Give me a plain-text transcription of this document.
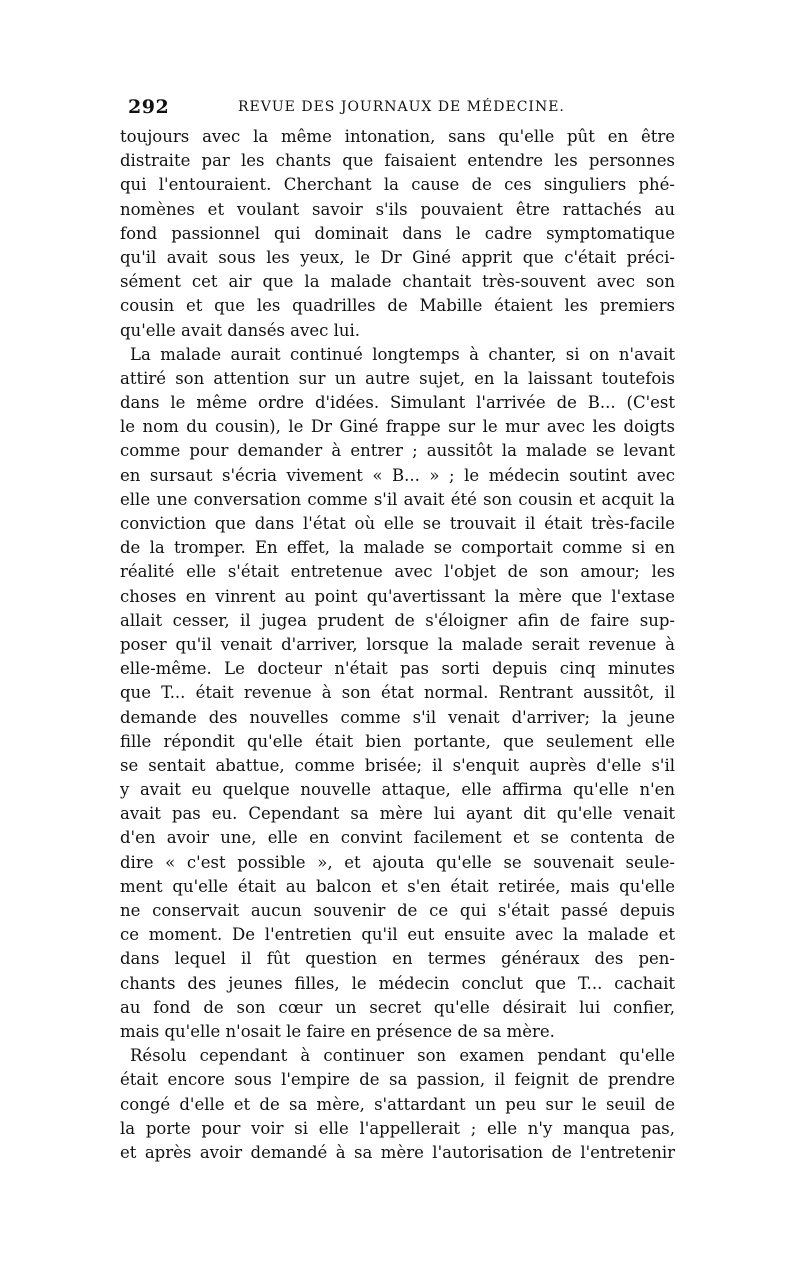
292	REVUE DES JOURNAUX DE MÉDECINE.
toujours avec la même intonation, sans qu'elle pût en être
distraite par les chants que faisaient entendre les personnes
qui l'entouraient. Cherchant la cause de ces singuliers phé-
nomènes et voulant savoir s'ils pouvaient être rattachés au
fond passionnel qui dominait dans le cadre symptomatique
qu'il avait sous les yeux, le Dr Giné apprit que c'était préci-
sément cet air que la malade chantait très-souvent avec son
cousin et que les quadrilles de Mabille étaient les premiers
qu'elle avait dansés avec lui.
La malade aurait continué longtemps à chanter, si on n'avait
attiré son attention sur un autre sujet, en la laissant toutefois
dans le même ordre d'idées. Simulant l'arrivée de B... (C'est
le nom du cousin), le Dr Giné frappe sur le mur avec les doigts
comme pour demander à entrer ; aussitôt la malade se levant
en sursaut s'écria vivement « B... » ; le médecin soutint avec
elle une conversation comme s'il avait été son cousin et acquit la
conviction que dans l'état où elle se trouvait il était très-facile
de la tromper. En effet, la malade se comportait comme si en
réalité elle s'était entretenue avec l'objet de son amour; les
choses en vinrent au point qu'avertissant la mère que l'extase
allait cesser, il jugea prudent de s'éloigner afin de faire sup-
poser qu'il venait d'arriver, lorsque la malade serait revenue à
elle-même. Le docteur n'était pas sorti depuis cinq minutes
que T... était revenue à son état normal. Rentrant aussitôt, il
demande des nouvelles comme s'il venait d'arriver; la jeune
fille répondit qu'elle était bien portante, que seulement elle
se sentait abattue, comme brisée; il s'enquit auprès d'elle s'il
y avait eu quelque nouvelle attaque, elle affirma qu'elle n'en
avait pas eu. Cependant sa mère lui ayant dit qu'elle venait
d'en avoir une, elle en convint facilement et se contenta de
dire « c'est possible », et ajouta qu'elle se souvenait seule-
ment qu'elle était au balcon et s'en était retirée, mais qu'elle
ne conservait aucun souvenir de ce qui s'était passé depuis
ce moment. De l'entretien qu'il eut ensuite avec la malade et
dans lequel il fût question en termes généraux des pen-
chants des jeunes filles, le médecin conclut que T... cachait
au fond de son cœur un secret qu'elle désirait lui confier,
mais qu'elle n'osait le faire en présence de sa mère.
Résolu cependant à continuer son examen pendant qu'elle
était encore sous l'empire de sa passion, il feignit de prendre
congé d'elle et de sa mère, s'attardant un peu sur le seuil de
la porte pour voir si elle l'appellerait ; elle n'y manqua pas,
et après avoir demandé à sa mère l'autorisation de l'entretenir
